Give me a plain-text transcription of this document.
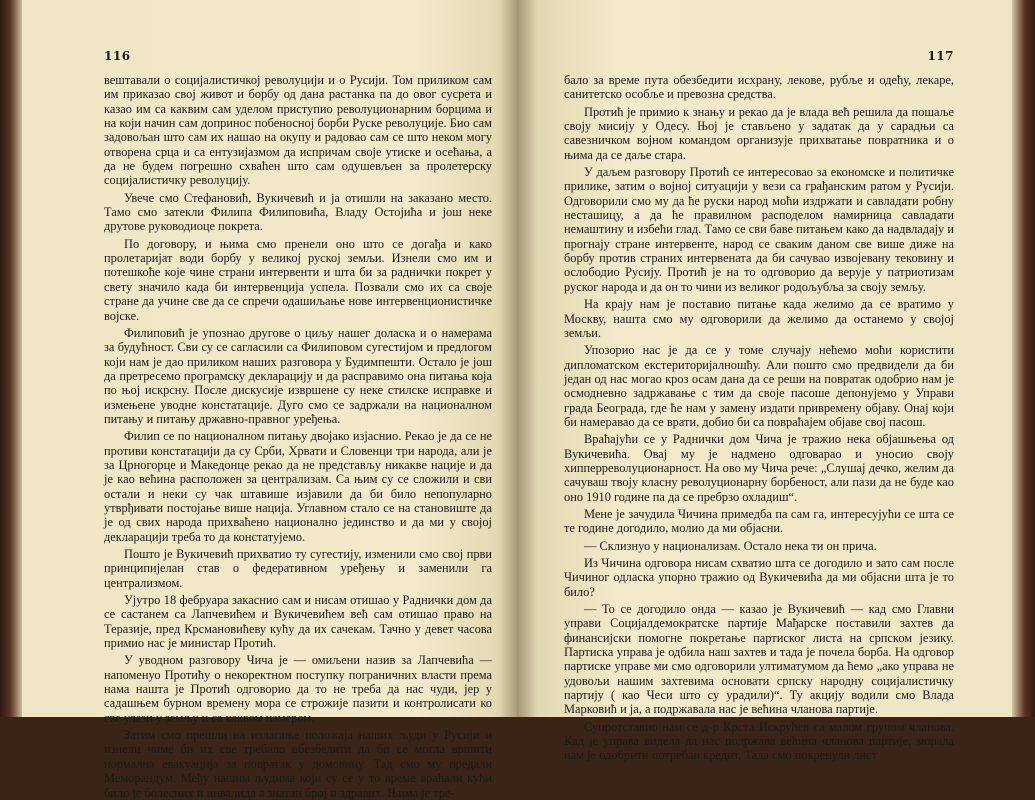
116

вештавали о социјалистичкој револуцији и о Русији. Том приликом сам им приказао свој живот и борбу од дана растанка па до овог сусрета и казао им са каквим сам уделом приступио револуционарним борцима и на који начин сам допринос побеносној борби Руске револуције. Био сам задовољан што сам их нашао на окупу и радовао сам се што неком могу отворена срца и са ентузијазмом да испричам своје утиске и осећања, а да не будем погрешно схваћен што сам одушевљен за пролетерску социјалистичку револуцију.

Увече смо Стефановић, Вукичевић и ја отишли на заказано место. Тамо смо затекли Филипа Филиповића, Владу Остојића и још неке друтове руководиоце покрета.

По договору, и њима смо пренели оно што се догађа и како пролетаријат води борбу у великој руској земљи. Изнели смо им и потешкоће које чине страни интервенти и шта би за раднички покрет у свету значило када би интервенција успела. Позвали смо их са своје стране да учине све да се спречи одашиљање нове интервенционистичке војске.

Филиповић је упознао другове о циљу нашег доласка и о намерама за будућност. Сви су се сагласили са Филиповом сугестијом и предлогом који нам је дао приликом наших разговора у Будимпешти. Остало је још да претресемо програмску декларацију и да расправимо она питања која по њој искрсну. После дискусије извршене су неке стилске исправке и измењене уводне констатације. Дуго смо се задржали на националном питању и питању државно-правног уређења.

Филип се по националном питању двојако изјаснио. Рекао је да се не противи констатацији да су Срби, Хрвати и Словенци три народа, али је за Црногорце и Македонце рекао да не представљу никакве нације и да је као већина расположен за централизам. Са њим су се сложили и сви остали и неки су чак штавише изјавили да би било непопуларно утврђивати постојање више нација. Углавном стало се на становиште да је од свих народа прихваћено национално јединство и да ми у својој декларацији треба то да констатујемо.

Пошто је Вукичевић прихватио ту сугестију, изменили смо свој први принципијелан став о федеративном уређењу и заменили га централизмом.

Ујутро 18 фебруара закаснио сам и нисам отишао у Раднички дом да се састанем са Лапчевићем и Вукичевићем већ сам отишао право на Теразије, пред Крсмановићеву кућу да их сачекам. Тачно у девет часова примио нас је министар Протић.

У уводном разговору Чича је — омиљени назив за Лапчевића — напоменуо Протићу о некоректном поступку пограничних власти према нама нашта је Протић одговорио да то не треба да нас чуди, јер у садашњем бурном времену мора се строжије пазити и контролисати ко све улази у земљу и са каквом намером.

Затим смо прешли на излагање положаја наших људи у Русији и изнели чиме би их све требало обезбедити да би се могла вршити нормална евакуација за повратак у домовину. Тад смо му предали Меморандум. Међу нашим људима који су се у то време враћали кући било је болесних и инвалида а знатан број и здравих. Њима је тре-

117

бало за време пута обезбедити исхрану, лекове, рубље и одећу, лекаре, санитетско особље и превозна средства.

Протић је примио к знању и рекао да је влада већ решила да пошаље своју мисију у Одесу. Њој је стављено у задатак да у сарадњи са савезничком војном командом организује прихватање повратника и о њима да се даље стара.

У даљем разговору Протић се интересовао за економске и политичке прилике, затим о војној ситуацији у вези са грађанским ратом у Русији. Одговорили смо му да ће руски народ моћи издржати и савладати робну несташицу, а да ће правилном расподелом намирница савладати немаштину и избећи глад. Тамо се сви баве питањем како да надвладају и прогнају стране интервенте, народ се сваким даном све више диже на борбу против страних интервената да би сачувао извојевану тековину и ослободио Русију. Протић је на то одговорио да верује у патриотизам руског народа и да он то чини из великог родољубља за своју земљу.

На крају нам је поставио питање када желимо да се вратимо у Москву, нашта смо му одговорили да желимо да останемо у својој земљи.

Упозорио нас је да се у томе случају нећемо моћи користити дипломатском екстериторијалношћу. Али пошто смо предвидели да би један од нас могао кроз осам дана да се реши на повратак одобрио нам је осмодневно задржавање с тим да своје пасоше депонујемо у Управи града Београда, где ће нам у замену издати привремену објаву. Онај који би намеравао да се врати, добио би са повраћајем објаве свој пасош.

Враћајући се у Раднички дом Чича је тражио нека објашњења од Вукичевића. Овај му је надмено одговарао и уносио своју хипперреволуционарност. На ово му Чича рече: „Слушај дечко, желим да сачуваш твоју класну револуционарну борбеност, али пази да не буде као оно 1910 године па да се пребрзо охладиш“.

Мене је зачудила Чичина примедба па сам га, интересујући се шта се те године догодило, молио да ми објасни.

— Склизнуо у национализам. Остало нека ти он прича.

Из Чичина одговора нисам схватио шта се догодило и зато сам после Чичиног одласка упорно тражио од Вукичевића да ми објасни шта је то било?

— То се догодило онда — казао је Вукичевић — кад смо Главни управи Социјалдемократске партије Мађарске поставили захтев да финансијски помогне покретање партиског листа на српском језику. Партиска управа је одбила наш захтев и тада је почела борба. На одговор партиске управе ми смо одговорили ултиматумом да ћемо „ако управа не удовољи нашим захтевима основати српску народну социјалистичку партију ( као Чеси што су урадили)“. Ту акцију водили смо Влада Марковић и ја, а подржавала нас је већина чланова партије.

Супротставио нам се д-р Крста Искрућев са малом групом чланова. Кад је управа видела да нас подржава већина чланова партије, морала нам је одобрити потребан кредит. Тада смо покренули лист
